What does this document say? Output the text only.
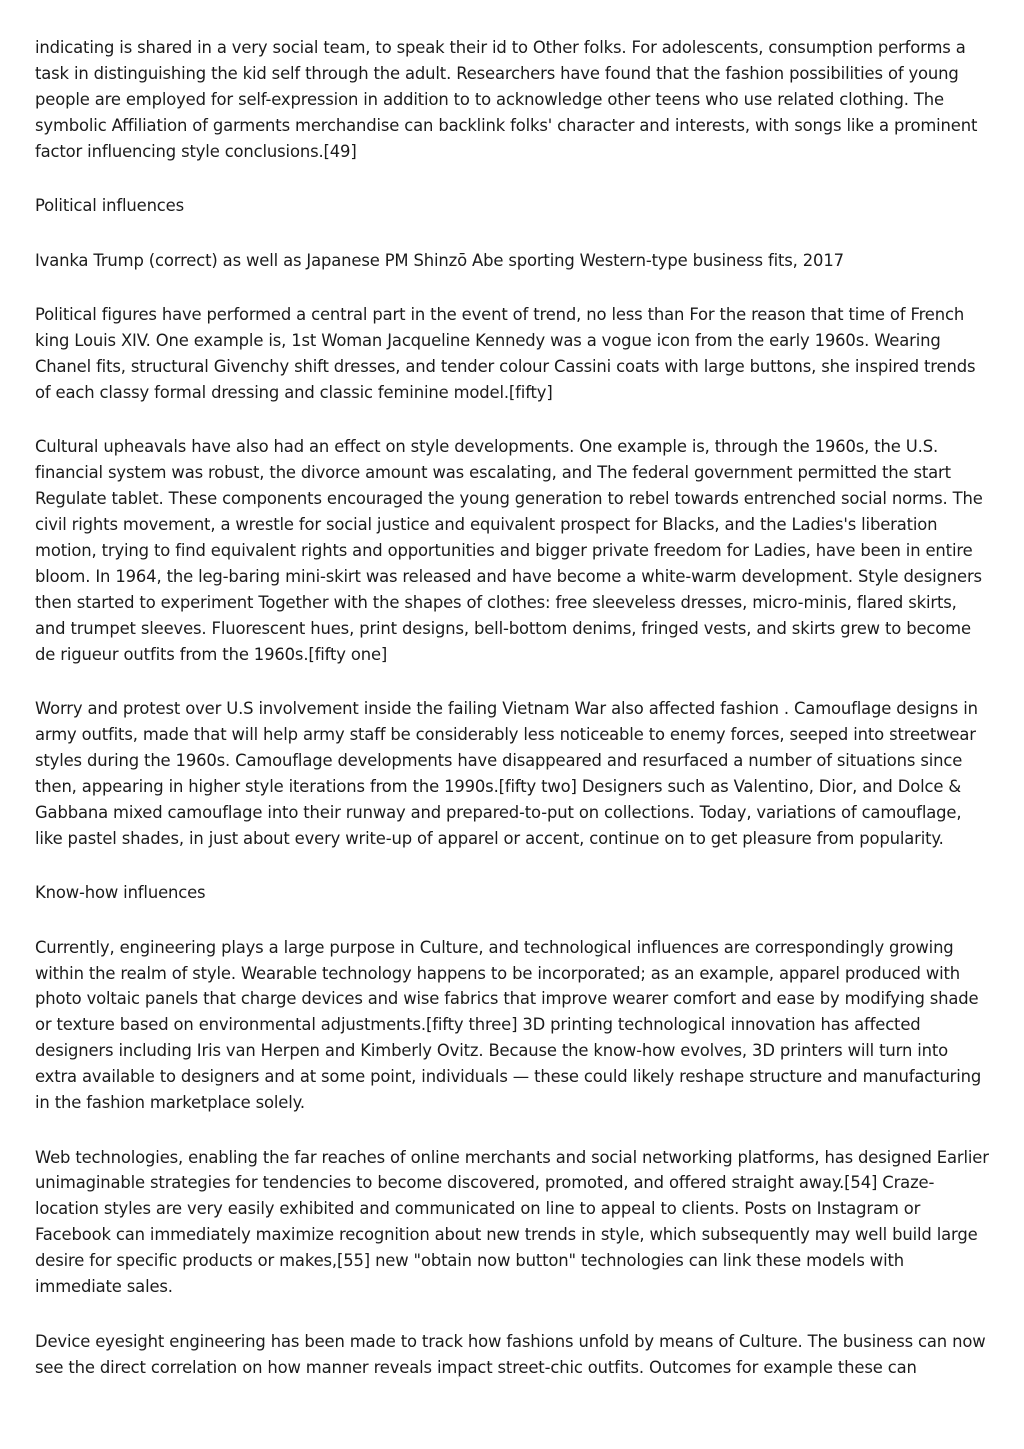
indicating is shared in a very social team, to speak their id to Other folks. For adolescents, consumption performs a task in distinguishing the kid self through the adult. Researchers have found that the fashion possibilities of young people are employed for self-expression in addition to to acknowledge other teens who use related clothing. The symbolic Affiliation of garments merchandise can backlink folks' character and interests, with songs like a prominent factor influencing style conclusions.[49]

Political influences

Ivanka Trump (correct) as well as Japanese PM Shinzō Abe sporting Western-type business fits, 2017

Political figures have performed a central part in the event of trend, no less than For the reason that time of French king Louis XIV. One example is, 1st Woman Jacqueline Kennedy was a vogue icon from the early 1960s. Wearing Chanel fits, structural Givenchy shift dresses, and tender colour Cassini coats with large buttons, she inspired trends of each classy formal dressing and classic feminine model.[fifty]

Cultural upheavals have also had an effect on style developments. One example is, through the 1960s, the U.S. financial system was robust, the divorce amount was escalating, and The federal government permitted the start Regulate tablet. These components encouraged the young generation to rebel towards entrenched social norms. The civil rights movement, a wrestle for social justice and equivalent prospect for Blacks, and the Ladies's liberation motion, trying to find equivalent rights and opportunities and bigger private freedom for Ladies, have been in entire bloom. In 1964, the leg-baring mini-skirt was released and have become a white-warm development. Style designers then started to experiment Together with the shapes of clothes: free sleeveless dresses, micro-minis, flared skirts, and trumpet sleeves. Fluorescent hues, print designs, bell-bottom denims, fringed vests, and skirts grew to become de rigueur outfits from the 1960s.[fifty one]

Worry and protest over U.S involvement inside the failing Vietnam War also affected fashion . Camouflage designs in army outfits, made that will help army staff be considerably less noticeable to enemy forces, seeped into streetwear styles during the 1960s. Camouflage developments have disappeared and resurfaced a number of situations since then, appearing in higher style iterations from the 1990s.[fifty two] Designers such as Valentino, Dior, and Dolce & Gabbana mixed camouflage into their runway and prepared-to-put on collections. Today, variations of camouflage, like pastel shades, in just about every write-up of apparel or accent, continue on to get pleasure from popularity.

Know-how influences

Currently, engineering plays a large purpose in Culture, and technological influences are correspondingly growing within the realm of style. Wearable technology happens to be incorporated; as an example, apparel produced with photo voltaic panels that charge devices and wise fabrics that improve wearer comfort and ease by modifying shade or texture based on environmental adjustments.[fifty three] 3D printing technological innovation has affected designers including Iris van Herpen and Kimberly Ovitz. Because the know-how evolves, 3D printers will turn into extra available to designers and at some point, individuals — these could likely reshape structure and manufacturing in the fashion marketplace solely.

Web technologies, enabling the far reaches of online merchants and social networking platforms, has designed Earlier unimaginable strategies for tendencies to become discovered, promoted, and offered straight away.[54] Craze-location styles are very easily exhibited and communicated on line to appeal to clients. Posts on Instagram or Facebook can immediately maximize recognition about new trends in style, which subsequently may well build large desire for specific products or makes,[55] new "obtain now button" technologies can link these models with immediate sales.

Device eyesight engineering has been made to track how fashions unfold by means of Culture. The business can now see the direct correlation on how manner reveals impact street-chic outfits. Outcomes for example these can
